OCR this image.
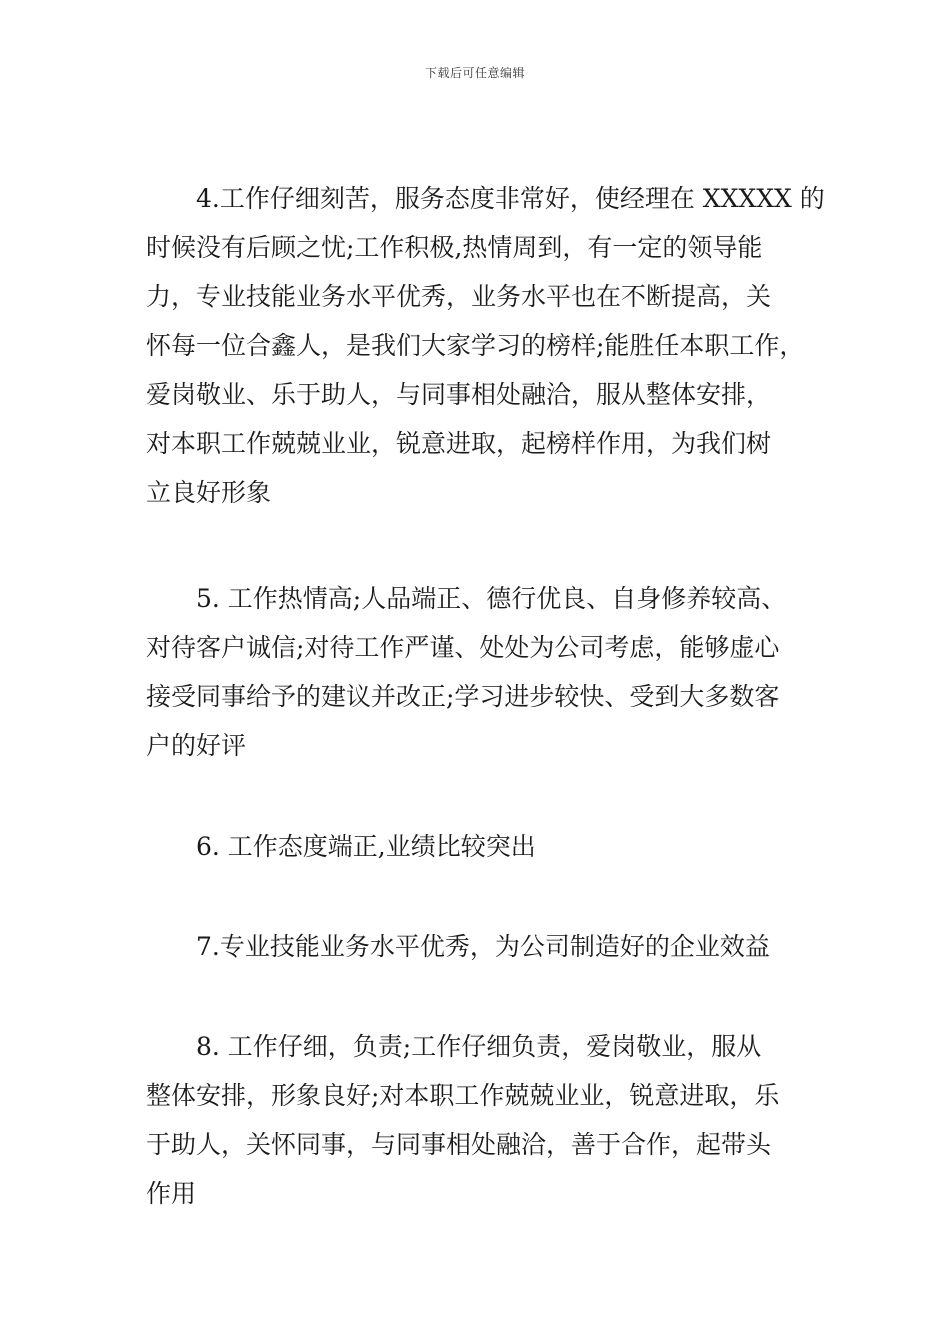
下载后可任意编辑
4.工作仔细刻苦，服务态度非常好，使经理在 XXXXX 的
时候没有后顾之忧;工作积极,热情周到，有一定的领导能
力，专业技能业务水平优秀，业务水平也在不断提高，关
怀每一位合鑫人，是我们大家学习的榜样;能胜任本职工作，
爱岗敬业、乐于助人，与同事相处融洽，服从整体安排，
对本职工作兢兢业业，锐意进取，起榜样作用，为我们树
立良好形象
5. 工作热情高;人品端正、德行优良、自身修养较高、
对待客户诚信;对待工作严谨、处处为公司考虑，能够虚心
接受同事给予的建议并改正;学习进步较快、受到大多数客
户的好评
6. 工作态度端正,业绩比较突出
7.专业技能业务水平优秀，为公司制造好的企业效益
8. 工作仔细，负责;工作仔细负责，爱岗敬业，服从
整体安排，形象良好;对本职工作兢兢业业，锐意进取，乐
于助人，关怀同事，与同事相处融洽，善于合作，起带头
作用
